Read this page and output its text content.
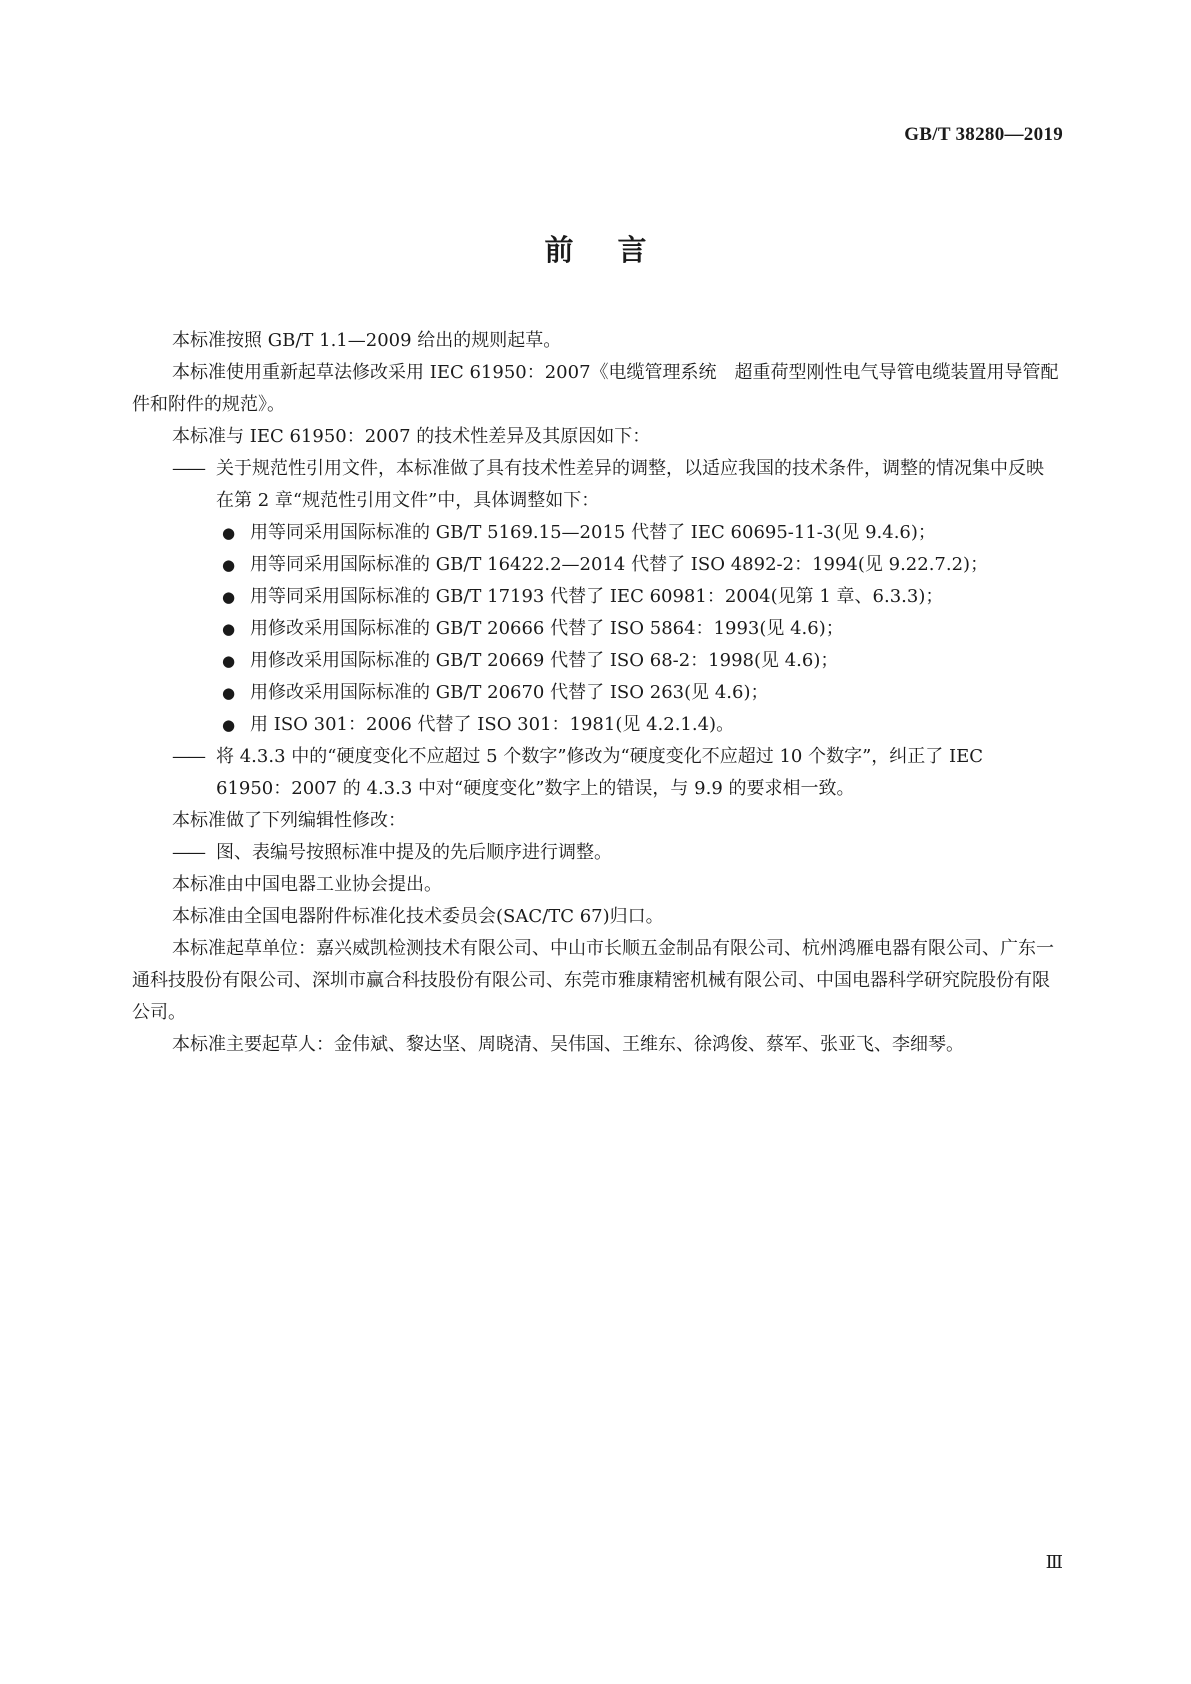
GB/T 38280—2019
前言

本标准按照 GB/T 1.1—2009 给出的规则起草。

本标准使用重新起草法修改采用 IEC 61950：2007《电缆管理系统　超重荷型刚性电气导管电缆装置用导管配件和附件的规范》。

本标准与 IEC 61950：2007 的技术性差异及其原因如下：

—— 关于规范性引用文件，本标准做了具有技术性差异的调整，以适应我国的技术条件，调整的情况集中反映在第 2 章“规范性引用文件”中，具体调整如下：
● 用等同采用国际标准的 GB/T 5169.15—2015 代替了 IEC 60695-11-3(见 9.4.6)；
● 用等同采用国际标准的 GB/T 16422.2—2014 代替了 ISO 4892-2：1994(见 9.22.7.2)；
● 用等同采用国际标准的 GB/T 17193 代替了 IEC 60981：2004(见第 1 章、6.3.3)；
● 用修改采用国际标准的 GB/T 20666 代替了 ISO 5864：1993(见 4.6)；
● 用修改采用国际标准的 GB/T 20669 代替了 ISO 68-2：1998(见 4.6)；
● 用修改采用国际标准的 GB/T 20670 代替了 ISO 263(见 4.6)；
● 用 ISO 301：2006 代替了 ISO 301：1981(见 4.2.1.4)。
—— 将 4.3.3 中的“硬度变化不应超过 5 个数字”修改为“硬度变化不应超过 10 个数字”，纠正了 IEC 61950：2007 的 4.3.3 中对“硬度变化”数字上的错误，与 9.9 的要求相一致。

本标准做了下列编辑性修改：

—— 图、表编号按照标准中提及的先后顺序进行调整。

本标准由中国电器工业协会提出。

本标准由全国电器附件标准化技术委员会(SAC/TC 67)归口。

本标准起草单位：嘉兴威凯检测技术有限公司、中山市长顺五金制品有限公司、杭州鸿雁电器有限公司、广东一通科技股份有限公司、深圳市赢合科技股份有限公司、东莞市雅康精密机械有限公司、中国电器科学研究院股份有限公司。

本标准主要起草人：金伟斌、黎达坚、周晓清、吴伟国、王维东、徐鸿俊、蔡军、张亚飞、李细琴。

Ⅲ
